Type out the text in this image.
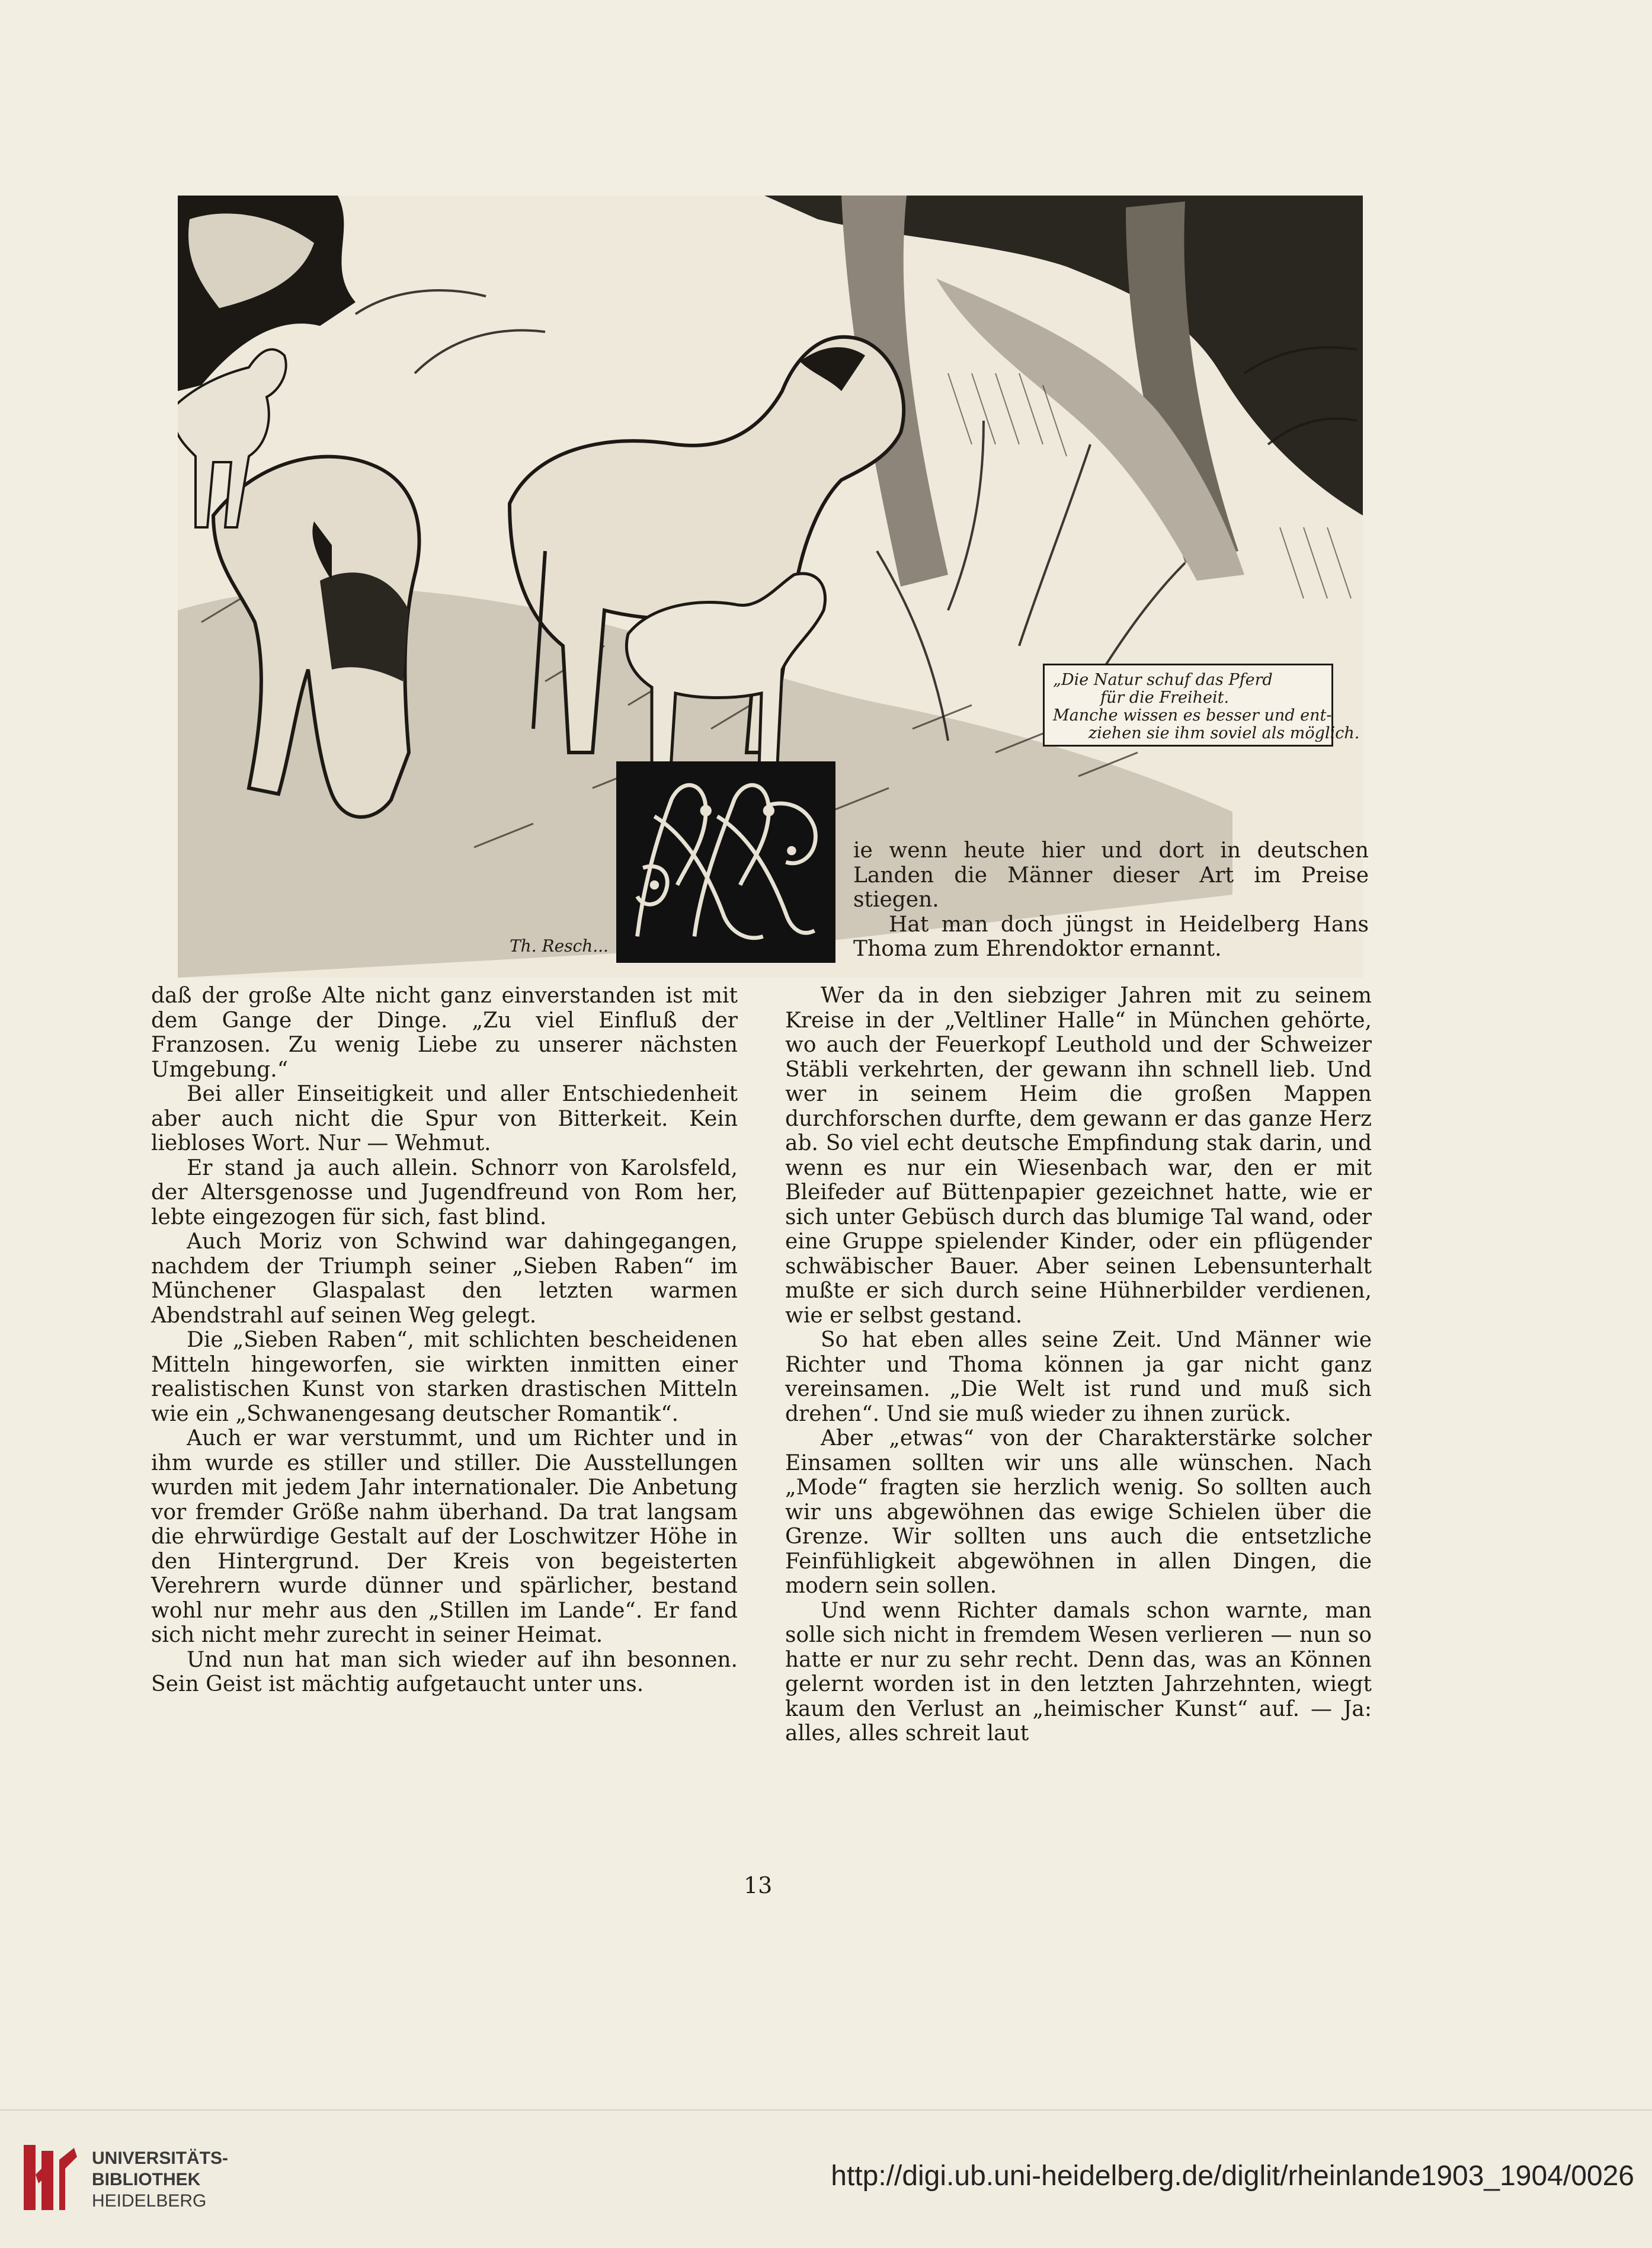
„Die Natur schuf das Pferd
für die Freiheit.
Manche wissen es besser und ent-
ziehen sie ihm soviel als möglich.
Th. Resch...

ie wenn heute hier und dort in deutschen Landen die Männer dieser Art im Preise stiegen.

Hat man doch jüngst in Heidelberg Hans Thoma zum Ehrendoktor ernannt.

daß der große Alte nicht ganz einverstanden ist mit dem Gange der Dinge. „Zu viel Einfluß der Franzosen. Zu wenig Liebe zu unserer nächsten Umgebung.“

Bei aller Einseitigkeit und aller Entschiedenheit aber auch nicht die Spur von Bitterkeit. Kein liebloses Wort. Nur — Wehmut.

Er stand ja auch allein. Schnorr von Karolsfeld, der Altersgenosse und Jugendfreund von Rom her, lebte eingezogen für sich, fast blind.

Auch Moriz von Schwind war dahingegangen, nachdem der Triumph seiner „Sieben Raben“ im Münchener Glaspalast den letzten warmen Abendstrahl auf seinen Weg gelegt.

Die „Sieben Raben“, mit schlichten bescheidenen Mitteln hingeworfen, sie wirkten inmitten einer realistischen Kunst von starken drastischen Mitteln wie ein „Schwanengesang deutscher Romantik“.

Auch er war verstummt, und um Richter und in ihm wurde es stiller und stiller. Die Ausstellungen wurden mit jedem Jahr internationaler. Die Anbetung vor fremder Größe nahm überhand. Da trat langsam die ehrwürdige Gestalt auf der Loschwitzer Höhe in den Hintergrund. Der Kreis von begeisterten Verehrern wurde dünner und spärlicher, bestand wohl nur mehr aus den „Stillen im Lande“. Er fand sich nicht mehr zurecht in seiner Heimat.

Und nun hat man sich wieder auf ihn besonnen. Sein Geist ist mächtig aufgetaucht unter uns.

Wer da in den siebziger Jahren mit zu seinem Kreise in der „Veltliner Halle“ in München gehörte, wo auch der Feuerkopf Leuthold und der Schweizer Stäbli verkehrten, der gewann ihn schnell lieb. Und wer in seinem Heim die großen Mappen durchforschen durfte, dem gewann er das ganze Herz ab. So viel echt deutsche Empfindung stak darin, und wenn es nur ein Wiesenbach war, den er mit Bleifeder auf Büttenpapier gezeichnet hatte, wie er sich unter Gebüsch durch das blumige Tal wand, oder eine Gruppe spielender Kinder, oder ein pflügender schwäbischer Bauer. Aber seinen Lebensunterhalt mußte er sich durch seine Hühnerbilder verdienen, wie er selbst gestand.

So hat eben alles seine Zeit. Und Männer wie Richter und Thoma können ja gar nicht ganz vereinsamen. „Die Welt ist rund und muß sich drehen“. Und sie muß wieder zu ihnen zurück.

Aber „etwas“ von der Charakterstärke solcher Einsamen sollten wir uns alle wünschen. Nach „Mode“ fragten sie herzlich wenig. So sollten auch wir uns abgewöhnen das ewige Schielen über die Grenze. Wir sollten uns auch die entsetzliche Feinfühligkeit abgewöhnen in allen Dingen, die modern sein sollen.

Und wenn Richter damals schon warnte, man solle sich nicht in fremdem Wesen verlieren — nun so hatte er nur zu sehr recht. Denn das, was an Können gelernt worden ist in den letzten Jahrzehnten, wiegt kaum den Verlust an „heimischer Kunst“ auf. — Ja: alles, alles schreit laut

13
UNIVERSITÄTS-
BIBLIOTHEK
HEIDELBERG
http://digi.ub.uni-heidelberg.de/diglit/rheinlande1903_1904/0026
